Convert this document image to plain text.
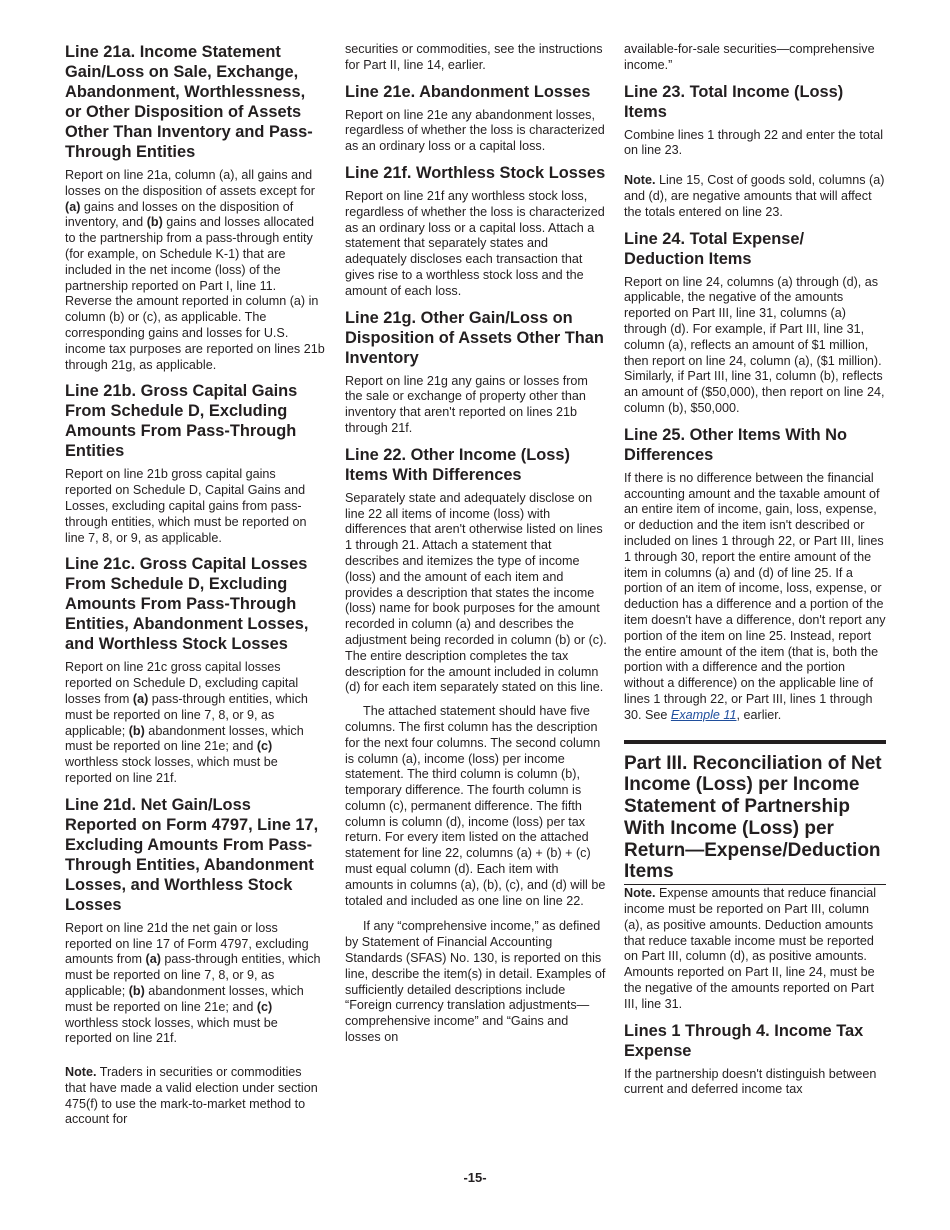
Line 21a. Income Statement Gain/Loss on Sale, Exchange, Abandonment, Worthlessness, or Other Disposition of Assets Other Than Inventory and Pass-Through Entities

Report on line 21a, column (a), all gains and losses on the disposition of assets except for (a) gains and losses on the disposition of inventory, and (b) gains and losses allocated to the partnership from a pass-through entity (for example, on Schedule K-1) that are included in the net income (loss) of the partnership reported on Part I, line 11. Reverse the amount reported in column (a) in column (b) or (c), as applicable. The corresponding gains and losses for U.S. income tax purposes are reported on lines 21b through 21g, as applicable.

Line 21b. Gross Capital Gains From Schedule D, Excluding Amounts From Pass-Through Entities

Report on line 21b gross capital gains reported on Schedule D, Capital Gains and Losses, excluding capital gains from pass-through entities, which must be reported on line 7, 8, or 9, as applicable.

Line 21c. Gross Capital Losses From Schedule D, Excluding Amounts From Pass-Through Entities, Abandonment Losses, and Worthless Stock Losses

Report on line 21c gross capital losses reported on Schedule D, excluding capital losses from (a) pass-through entities, which must be reported on line 7, 8, or 9, as applicable; (b) abandonment losses, which must be reported on line 21e; and (c) worthless stock losses, which must be reported on line 21f.

Line 21d. Net Gain/Loss Reported on Form 4797, Line 17, Excluding Amounts From Pass-Through Entities, Abandonment Losses, and Worthless Stock Losses

Report on line 21d the net gain or loss reported on line 17 of Form 4797, excluding amounts from (a) pass-through entities, which must be reported on line 7, 8, or 9, as applicable; (b) abandonment losses, which must be reported on line 21e; and (c) worthless stock losses, which must be reported on line 21f.

Note. Traders in securities or commodities that have made a valid election under section 475(f) to use the mark-to-market method to account for

securities or commodities, see the instructions for Part II, line 14, earlier.

Line 21e. Abandonment Losses

Report on line 21e any abandonment losses, regardless of whether the loss is characterized as an ordinary loss or a capital loss.

Line 21f. Worthless Stock Losses

Report on line 21f any worthless stock loss, regardless of whether the loss is characterized as an ordinary loss or a capital loss. Attach a statement that separately states and adequately discloses each transaction that gives rise to a worthless stock loss and the amount of each loss.

Line 21g. Other Gain/Loss on Disposition of Assets Other Than Inventory

Report on line 21g any gains or losses from the sale or exchange of property other than inventory that aren't reported on lines 21b through 21f.

Line 22. Other Income (Loss) Items With Differences

Separately state and adequately disclose on line 22 all items of income (loss) with differences that aren't otherwise listed on lines 1 through 21. Attach a statement that describes and itemizes the type of income (loss) and the amount of each item and provides a description that states the income (loss) name for book purposes for the amount recorded in column (a) and describes the adjustment being recorded in column (b) or (c). The entire description completes the tax description for the amount included in column (d) for each item separately stated on this line.

The attached statement should have five columns. The first column has the description for the next four columns. The second column is column (a), income (loss) per income statement. The third column is column (b), temporary difference. The fourth column is column (c), permanent difference. The fifth column is column (d), income (loss) per tax return. For every item listed on the attached statement for line 22, columns (a) + (b) + (c) must equal column (d). Each item with amounts in columns (a), (b), (c), and (d) will be totaled and included as one line on line 22.

If any “comprehensive income,” as defined by Statement of Financial Accounting Standards (SFAS) No. 130, is reported on this line, describe the item(s) in detail. Examples of sufficiently detailed descriptions include “Foreign currency translation adjustments—comprehensive income” and “Gains and losses on

available-for-sale securities—comprehensive income.”

Line 23. Total Income (Loss) Items

Combine lines 1 through 22 and enter the total on line 23.

Note. Line 15, Cost of goods sold, columns (a) and (d), are negative amounts that will affect the totals entered on line 23.

Line 24. Total Expense/ Deduction Items

Report on line 24, columns (a) through (d), as applicable, the negative of the amounts reported on Part III, line 31, columns (a) through (d). For example, if Part III, line 31, column (a), reflects an amount of $1 million, then report on line 24, column (a), ($1 million). Similarly, if Part III, line 31, column (b), reflects an amount of ($50,000), then report on line 24, column (b), $50,000.

Line 25. Other Items With No Differences

If there is no difference between the financial accounting amount and the taxable amount of an entire item of income, gain, loss, expense, or deduction and the item isn't described or included on lines 1 through 22, or Part III, lines 1 through 30, report the entire amount of the item in columns (a) and (d) of line 25. If a portion of an item of income, loss, expense, or deduction has a difference and a portion of the item doesn't have a difference, don't report any portion of the item on line 25. Instead, report the entire amount of the item (that is, both the portion with a difference and the portion without a difference) on the applicable line of lines 1 through 22, or Part III, lines 1 through 30. See Example 11, earlier.

Part III. Reconciliation of Net Income (Loss) per Income Statement of Partnership With Income (Loss) per Return—Expense/Deduction Items

Note. Expense amounts that reduce financial income must be reported on Part III, column (a), as positive amounts. Deduction amounts that reduce taxable income must be reported on Part III, column (d), as positive amounts. Amounts reported on Part II, line 24, must be the negative of the amounts reported on Part III, line 31.

Lines 1 Through 4. Income Tax Expense

If the partnership doesn't distinguish between current and deferred income tax

-15-
